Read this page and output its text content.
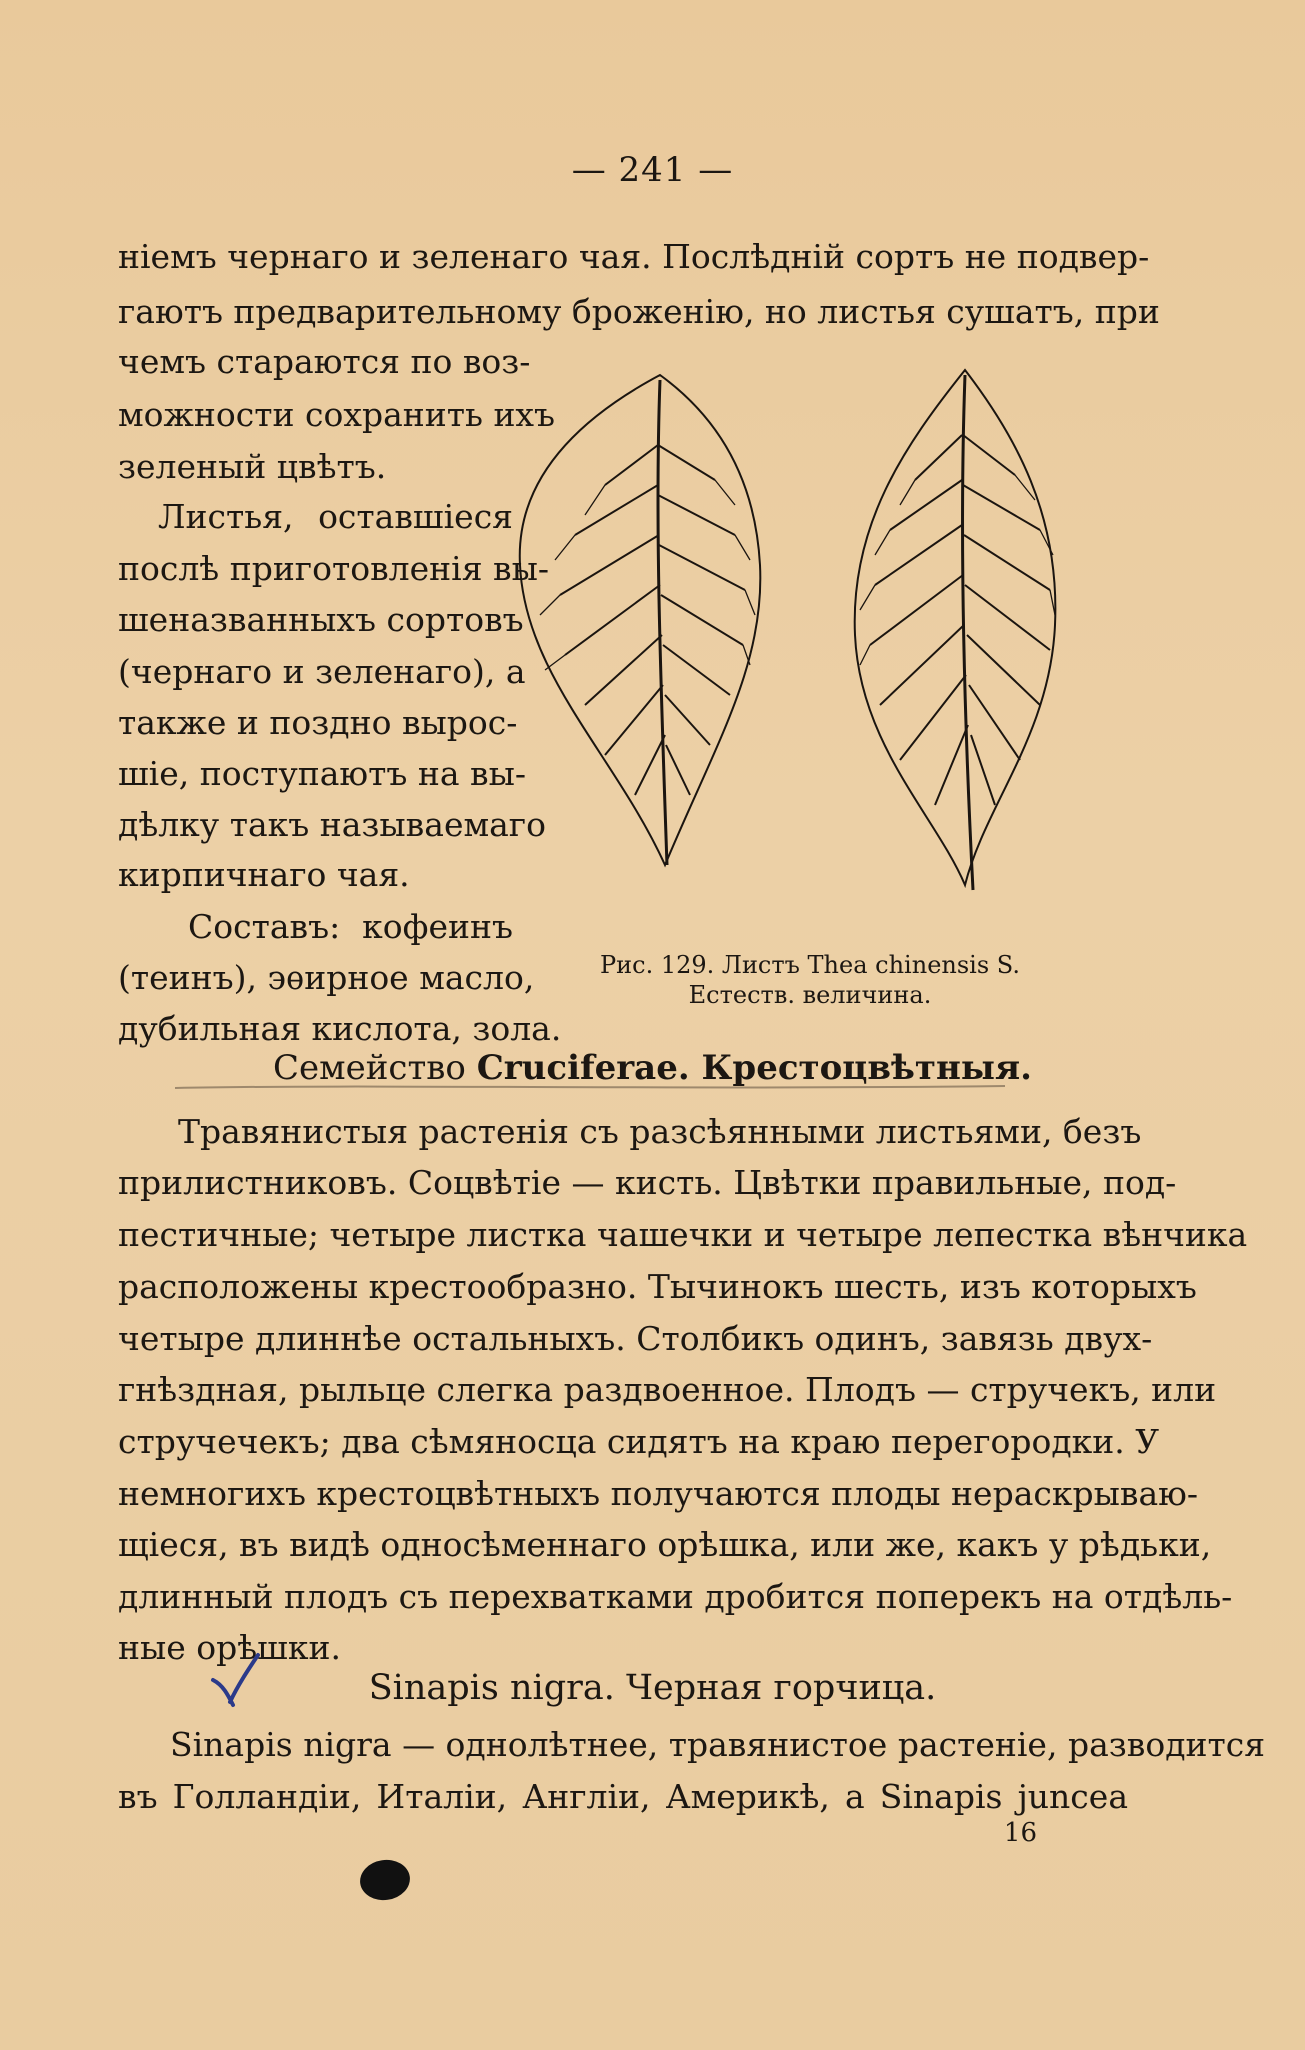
— 241 —
нiемъ чернаго и зеленаго чая. Послѣднiй сортъ не подвер-
гаютъ предварительному броженiю, но листья сушатъ, при
чемъ стараются по воз-
можности сохранить ихъ
зеленый цвѣтъ.
Листья, оставшiеся
послѣ приготовленiя вы-
шеназванныхъ сортовъ
(чернаго и зеленаго), а
также и поздно вырос-
шiе, поступаютъ на вы-
дѣлку такъ называемаго
кирпичнаго чая.
Составъ: кофеинъ
(теинъ), эѳирное масло,
дубильная кислота, зола.
Рис. 129. Листъ Thea chinensis S.
Естеств. величина.
Семейство Cruciferae. Крестоцвѣтныя.
Травянистыя растенiя съ разсѣянными листьями, безъ
прилистниковъ. Соцвѣтiе — кисть. Цвѣтки правильные, под-
пестичные; четыре листка чашечки и четыре лепестка вѣнчика
расположены крестообразно. Тычинокъ шесть, изъ которыхъ
четыре длиннѣе остальныхъ. Столбикъ одинъ, завязь двух-
гнѣздная, рыльце слегка раздвоенное. Плодъ — стручекъ, или
стручечекъ; два сѣмяносца сидятъ на краю перегородки. У
немногихъ крестоцвѣтныхъ получаются плоды нераскрываю-
щiеся, въ видѣ односѣменнаго орѣшка, или же, какъ у рѣдьки,
длинный плодъ съ перехватками дробится поперекъ на отдѣль-
ные орѣшки.
Sinapis nigra. Черная горчица.
Sinapis nigra — однолѣтнее, травянистое растенiе, разводится
въ Голландiи, Италiи, Англiи, Америкѣ, а Sinapis juncea
16
